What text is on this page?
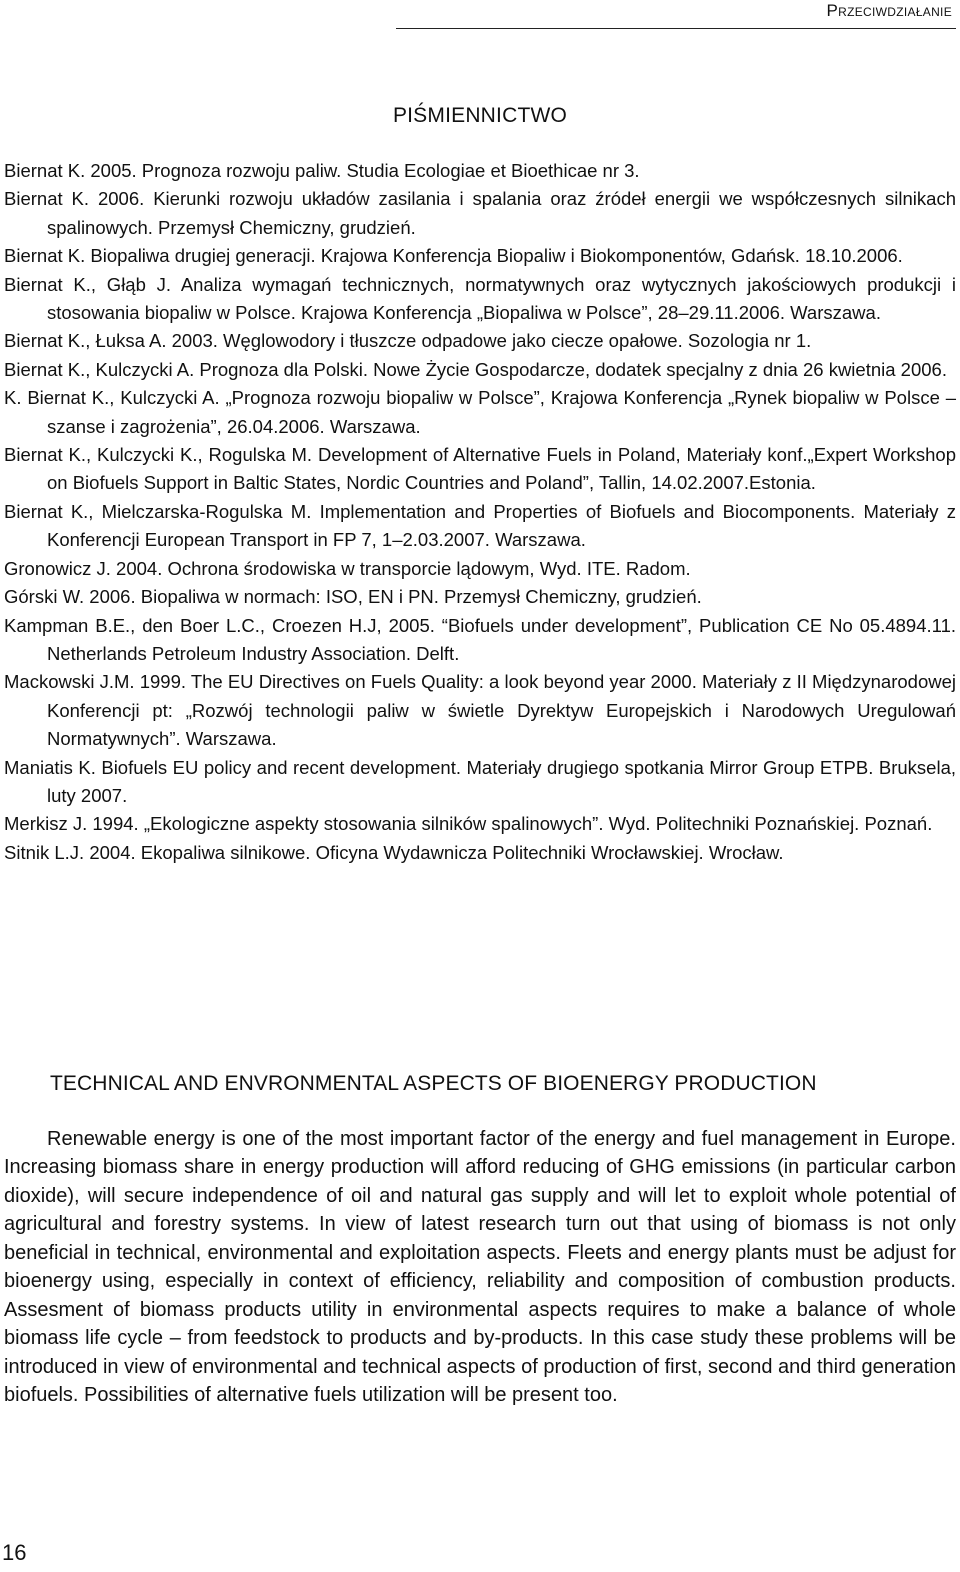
Przeciwdziałanie
PIŚMIENNICTWO
Biernat K. 2005. Prognoza rozwoju paliw. Studia Ecologiae et Bioethicae nr 3.
Biernat K. 2006. Kierunki rozwoju układów zasilania i spalania oraz źródeł energii we współczesnych silnikach spalinowych. Przemysł Chemiczny, grudzień.
Biernat K. Biopaliwa drugiej generacji. Krajowa Konferencja Biopaliw i Biokomponentów, Gdańsk. 18.10.2006.
Biernat K., Głąb J. Analiza wymagań technicznych, normatywnych oraz wytycznych jakościowych produkcji i stosowania biopaliw w Polsce. Krajowa Konferencja „Biopaliwa w Polsce”, 28–29.11.2006. Warszawa.
Biernat K., Łuksa A. 2003. Węglowodory i tłuszcze odpadowe jako ciecze opałowe. Sozologia nr 1.
Biernat K., Kulczycki A. Prognoza dla Polski. Nowe Życie Gospodarcze, dodatek specjalny z dnia 26 kwietnia 2006.
K. Biernat K., Kulczycki A. „Prognoza rozwoju biopaliw w Polsce”, Krajowa Konferencja „Rynek biopaliw w Polsce – szanse i zagrożenia”, 26.04.2006. Warszawa.
Biernat K., Kulczycki K., Rogulska M. Development of Alternative Fuels in Poland, Materiały konf.„Expert Workshop on Biofuels Support in Baltic States, Nordic Countries and Poland”, Tallin, 14.02.2007.Estonia.
Biernat K., Mielczarska-Rogulska M. Implementation and Properties of Biofuels and Biocomponents. Materiały z Konferencji European Transport in FP 7, 1–2.03.2007. Warszawa.
Gronowicz J. 2004. Ochrona środowiska w transporcie lądowym, Wyd. ITE. Radom.
Górski W. 2006. Biopaliwa w normach: ISO, EN i PN. Przemysł Chemiczny, grudzień.
Kampman B.E., den Boer L.C., Croezen H.J, 2005. “Biofuels under development”, Publication CE No 05.4894.11. Netherlands Petroleum Industry Association. Delft.
Mackowski J.M. 1999. The EU Directives on Fuels Quality: a look beyond year 2000. Materiały z II Międzynarodowej Konferencji pt: „Rozwój technologii paliw w świetle Dyrektyw Europejskich i Narodowych Uregulowań Normatywnych”. Warszawa.
Maniatis K. Biofuels EU policy and recent development. Materiały drugiego spotkania Mirror Group ETPB. Bruksela, luty 2007.
Merkisz J. 1994. „Ekologiczne aspekty stosowania silników spalinowych”. Wyd. Politechniki Poznańskiej. Poznań.
Sitnik L.J. 2004. Ekopaliwa silnikowe. Oficyna Wydawnicza Politechniki Wrocławskiej. Wrocław.
TECHNICAL AND ENVRONMENTAL ASPECTS OF BIOENERGY PRODUCTION

Renewable energy is one of the most important factor of the energy and fuel management in Europe. Increasing biomass share in energy production will afford reducing of GHG emissions (in particular carbon dioxide), will secure independence of oil and natural gas supply and will let to exploit whole potential of agricultural and forestry systems. In view of latest research turn out that using of biomass is not only beneficial in technical, environmental and exploitation aspects. Fleets and energy plants must be adjust for bioenergy using, especially in context of efficiency, reliability and composition of combustion products. Assesment of biomass products utility in environmental aspects requires to make a balance of whole biomass life cycle – from feedstock to products and by-products. In this case study these problems will be introduced in view of environmental and technical aspects of production of first, second and third generation biofuels. Possibilities of alternative fuels utilization will be present too.

16
